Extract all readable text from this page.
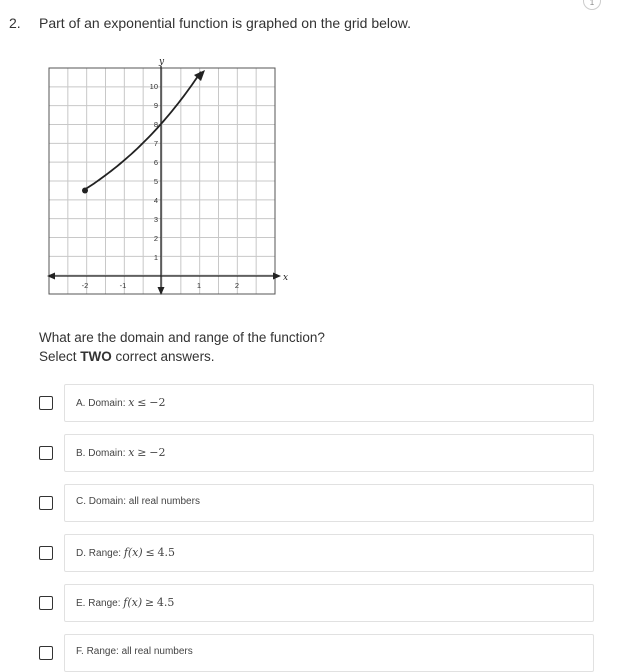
2. Part of an exponential function is graphed on the grid below.
1
x
y
-2	-1	1	2
1
2
3
4
5
6
7
8
9
10
What are the domain and range of the function?
Select TWO correct answers.
A. Domain: x ≤ −2
B. Domain: x ≥ −2
C. Domain: all real numbers
D. Range: f(x) ≤ 4.5
E. Range: f(x) ≥ 4.5
F. Range: all real numbers
